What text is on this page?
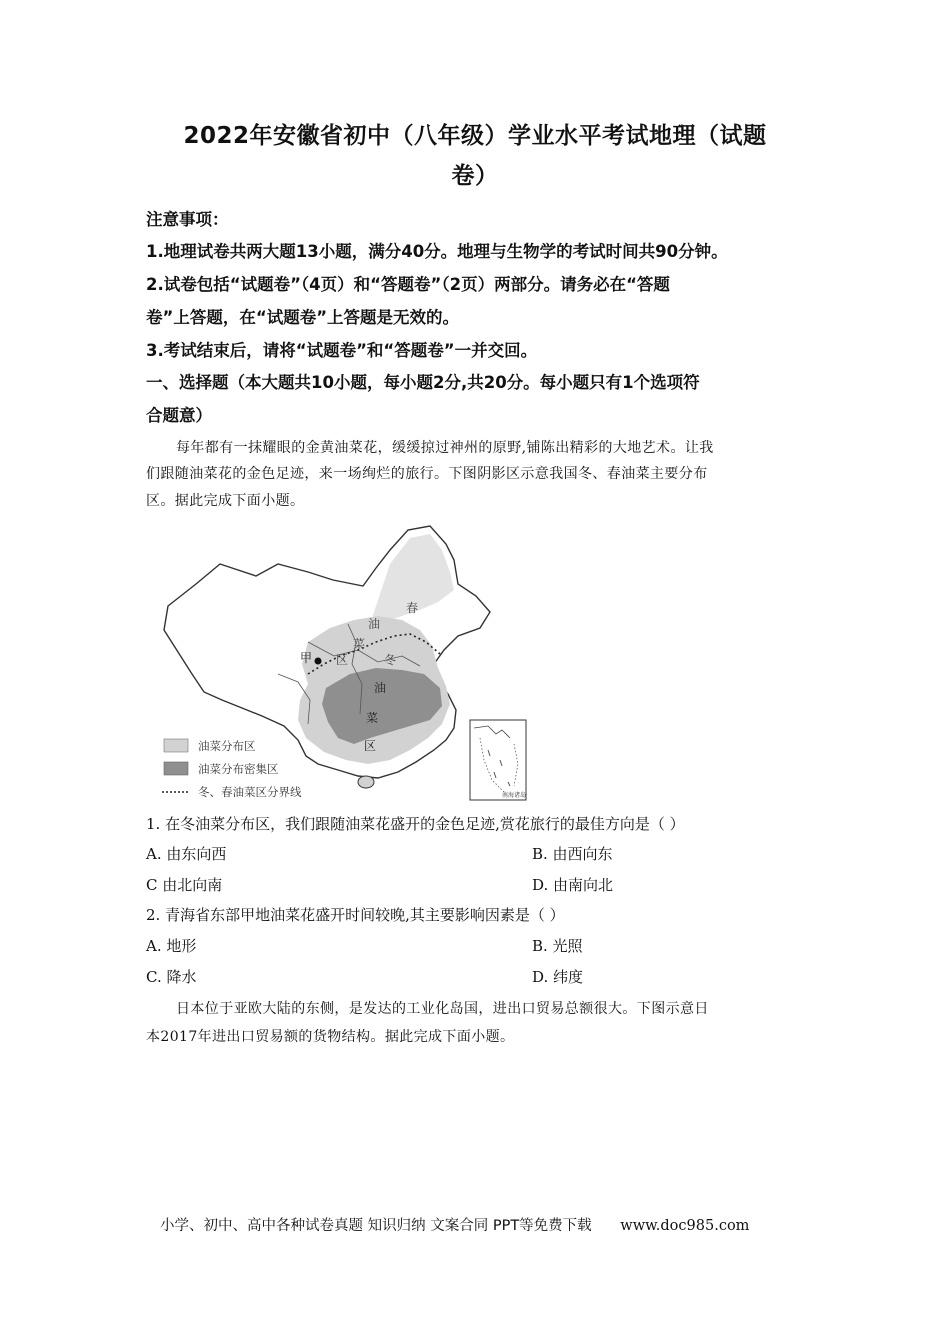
2022年安徽省初中（八年级）学业水平考试地理（试题
卷）
注意事项：
1.地理试卷共两大题13小题，满分40分。地理与生物学的考试时间共90分钟。
2.试卷包括“试题卷”（4页）和“答题卷”（2页）两部分。请务必在“答题
卷”上答题，在“试题卷”上答题是无效的。
3.考试结束后，请将“试题卷”和“答题卷”一并交回。
一、选择题（本大题共10小题，每小题2分,共20分。每小题只有1个选项符
合题意）
每年都有一抹耀眼的金黄油菜花，缓缓掠过神州的原野,铺陈出精彩的大地艺术。让我
们跟随油菜花的金色足迹，来一场绚烂的旅行。下图阴影区示意我国冬、春油菜主要分布
区。据此完成下面小题。
春
油
菜
区
甲	冬
油
菜
区
油菜分布区
油菜分布密集区
冬、春油菜区分界线	南海诸岛
1. 在冬油菜分布区，我们跟随油菜花盛开的金色足迹,赏花旅行的最佳方向是（ ）
A. 由东向西	B. 由西向东
C 由北向南	D. 由南向北
2. 青海省东部甲地油菜花盛开时间较晚,其主要影响因素是（ ）
A. 地形	B. 光照
C. 降水	D. 纬度
日本位于亚欧大陆的东侧，是发达的工业化岛国，进出口贸易总额很大。下图示意日
本2017年进出口贸易额的货物结构。据此完成下面小题。
小学、初中、高中各种试卷真题 知识归纳 文案合同 PPT等免费下载 www.doc985.com
